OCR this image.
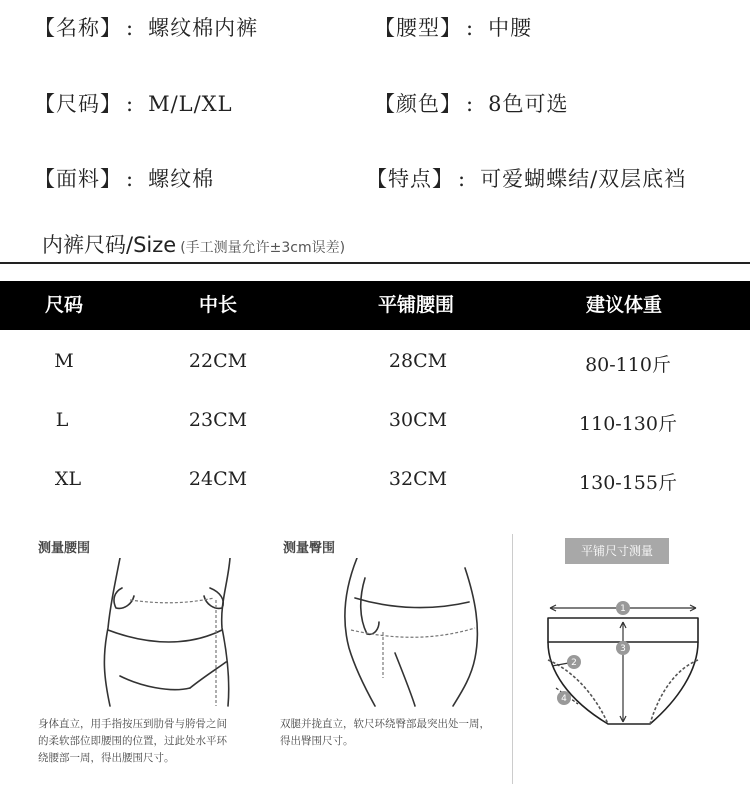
【名称】 : 螺纹棉内裤	【腰型】 : 中腰
【尺码】 : M/L/XL	【颜色】 : 8色可选
【面料】 : 螺纹棉	【特点】 : 可爱蝴蝶结/双层底裆
内裤尺码/Size (手工测量允许±3cm误差)
尺码	中长	平铺腰围	建议体重
M	22CM	28CM	80-110斤
L	23CM	30CM	110-130斤
XL	24CM	32CM	130-155斤
测量腰围
身体直立，用手指按压到肋骨与胯骨之间
的柔软部位即腰围的位置，过此处水平环
绕腰部一周，得出腰围尺寸。
测量臀围
双腿并拢直立，软尺环绕臀部最突出处一周，
得出臀围尺寸。
平铺尺寸测量
1
2
3
4
